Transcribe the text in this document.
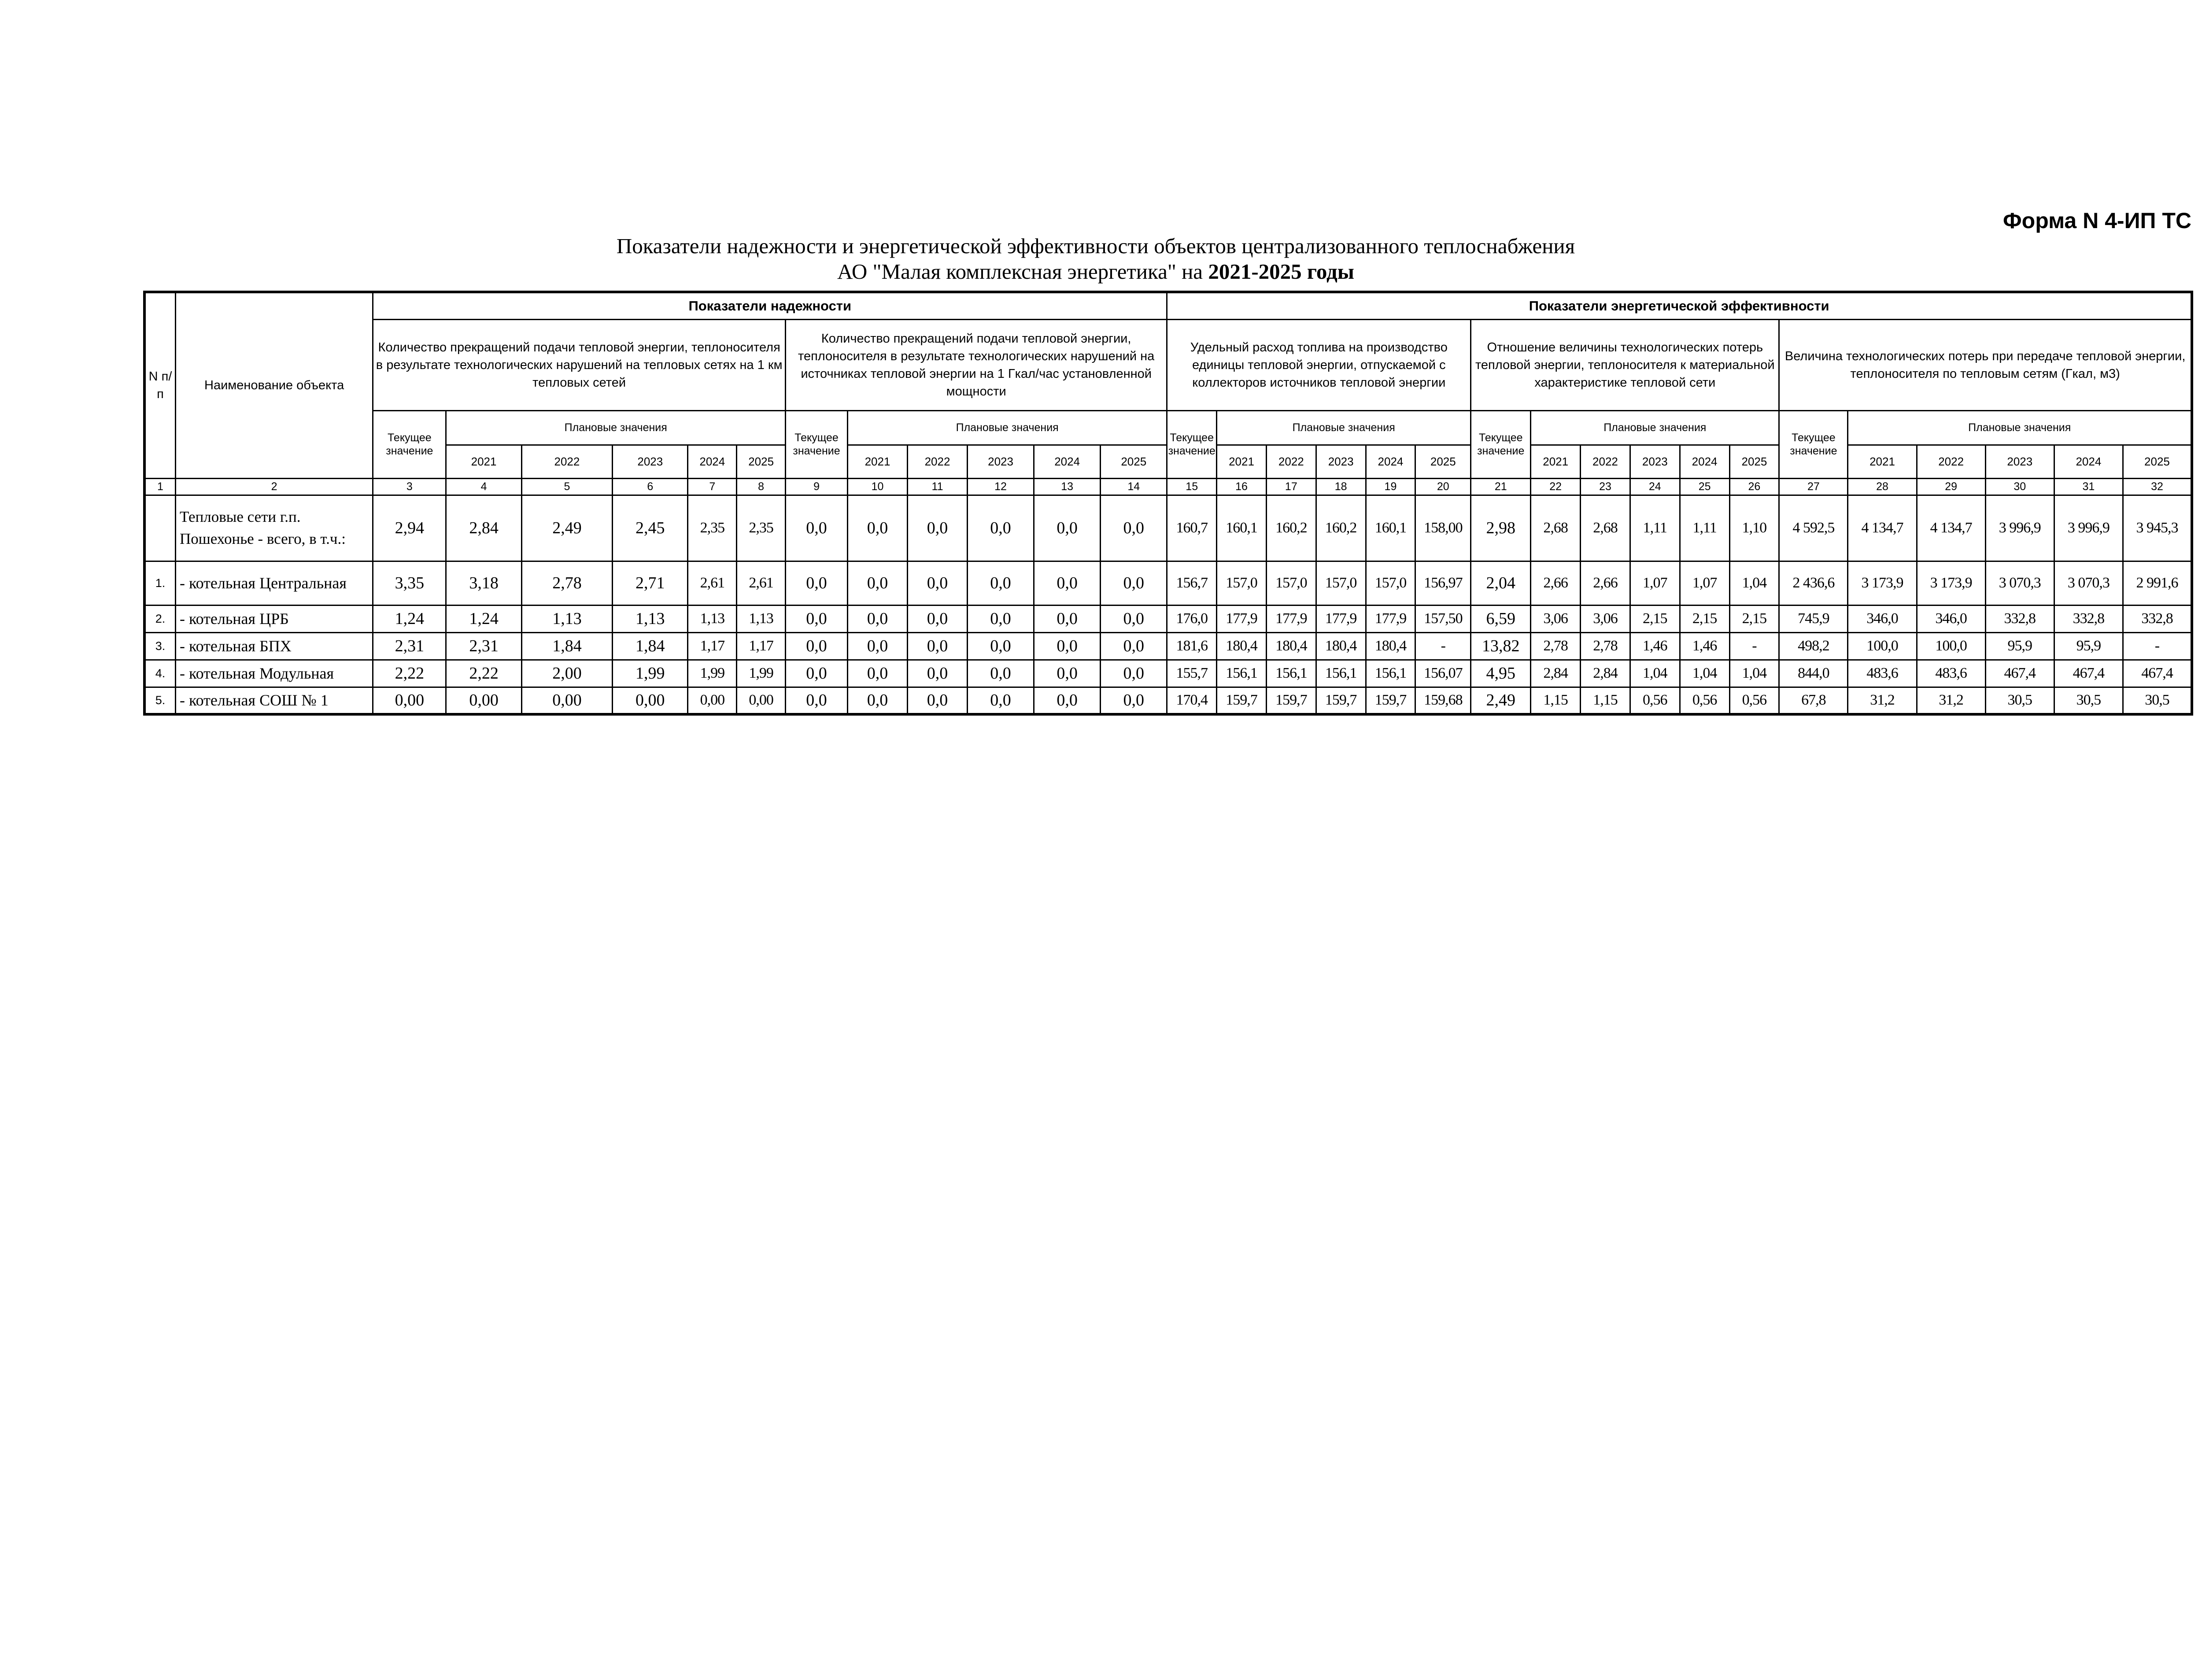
Форма N 4-ИП ТС
Показатели надежности и энергетической эффективности объектов централизованного теплоснабжения
АО "Малая комплексная энергетика" на 2021-2025 годы
N п/п	Наименование объекта	Показатели надежности												Показатели энергетической эффективности																	
		Количество прекращений подачи тепловой энергии, теплоносителя в результате технологических нарушений на тепловых сетях на 1 км тепловых сетей						Количество прекращений подачи тепловой энергии, теплоносителя в результате технологических нарушений на источниках тепловой энергии на 1 Гкал/час установленной мощности						Удельный расход топлива на производство единицы тепловой энергии, отпускаемой с коллекторов источников тепловой энергии						Отношение величины технологических потерь тепловой энергии, теплоносителя к материальной характеристике тепловой сети						Величина технологических потерь при передаче тепловой энергии, теплоносителя по тепловым сетям (Гкал, м3)					
		Текущее значение	Плановые значения					Текущее значение	Плановые значения					Текущее значение	Плановые значения					Текущее значение	Плановые значения					Текущее значение	Плановые значения				
			2021	2022	2023	2024	2025		2021	2022	2023	2024	2025		2021	2022	2023	2024	2025		2021	2022	2023	2024	2025		2021	2022	2023	2024	2025
1	2	3	4	5	6	7	8	9	10	11	12	13	14	15	16	17	18	19	20	21	22	23	24	25	26	27	28	29	30	31	32
	Тепловые сети г.п. Пошехонье - всего, в т.ч.:	2,94	2,84	2,49	2,45	2,35	2,35	0,0	0,0	0,0	0,0	0,0	0,0	160,7	160,1	160,2	160,2	160,1	158,00	2,98	2,68	2,68	1,11	1,11	1,10	4 592,5	4 134,7	4 134,7	3 996,9	3 996,9	3 945,3
1.	- котельная Центральная	3,35	3,18	2,78	2,71	2,61	2,61	0,0	0,0	0,0	0,0	0,0	0,0	156,7	157,0	157,0	157,0	157,0	156,97	2,04	2,66	2,66	1,07	1,07	1,04	2 436,6	3 173,9	3 173,9	3 070,3	3 070,3	2 991,6
2.	- котельная ЦРБ	1,24	1,24	1,13	1,13	1,13	1,13	0,0	0,0	0,0	0,0	0,0	0,0	176,0	177,9	177,9	177,9	177,9	157,50	6,59	3,06	3,06	2,15	2,15	2,15	745,9	346,0	346,0	332,8	332,8	332,8
3.	- котельная БПХ	2,31	2,31	1,84	1,84	1,17	1,17	0,0	0,0	0,0	0,0	0,0	0,0	181,6	180,4	180,4	180,4	180,4	-	13,82	2,78	2,78	1,46	1,46	-	498,2	100,0	100,0	95,9	95,9	-
4.	- котельная Модульная	2,22	2,22	2,00	1,99	1,99	1,99	0,0	0,0	0,0	0,0	0,0	0,0	155,7	156,1	156,1	156,1	156,1	156,07	4,95	2,84	2,84	1,04	1,04	1,04	844,0	483,6	483,6	467,4	467,4	467,4
5.	- котельная СОШ № 1	0,00	0,00	0,00	0,00	0,00	0,00	0,0	0,0	0,0	0,0	0,0	0,0	170,4	159,7	159,7	159,7	159,7	159,68	2,49	1,15	1,15	0,56	0,56	0,56	67,8	31,2	31,2	30,5	30,5	30,5
